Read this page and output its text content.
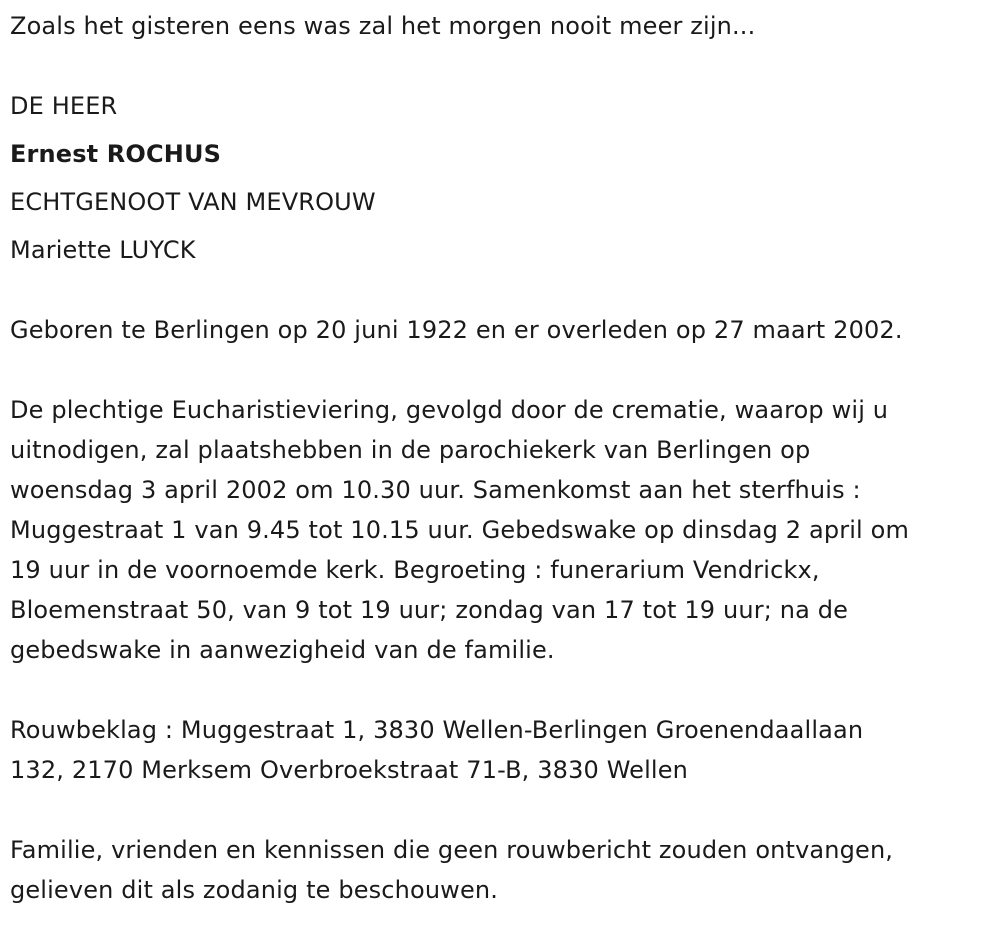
Zoals het gisteren eens was zal het morgen nooit meer zijn...
DE HEER
Ernest ROCHUS
ECHTGENOOT VAN MEVROUW
Mariette LUYCK
Geboren te Berlingen op 20 juni 1922 en er overleden op 27 maart 2002.
De plechtige Eucharistieviering, gevolgd door de crematie, waarop wij u
uitnodigen, zal plaatshebben in de parochiekerk van Berlingen op
woensdag 3 april 2002 om 10.30 uur. Samenkomst aan het sterfhuis :
Muggestraat 1 van 9.45 tot 10.15 uur. Gebedswake op dinsdag 2 april om
19 uur in de voornoemde kerk. Begroeting : funerarium Vendrickx,
Bloemenstraat 50, van 9 tot 19 uur; zondag van 17 tot 19 uur; na de
gebedswake in aanwezigheid van de familie.
Rouwbeklag : Muggestraat 1, 3830 Wellen-Berlingen Groenendaallaan
132, 2170 Merksem Overbroekstraat 71-B, 3830 Wellen
Familie, vrienden en kennissen die geen rouwbericht zouden ontvangen,
gelieven dit als zodanig te beschouwen.
